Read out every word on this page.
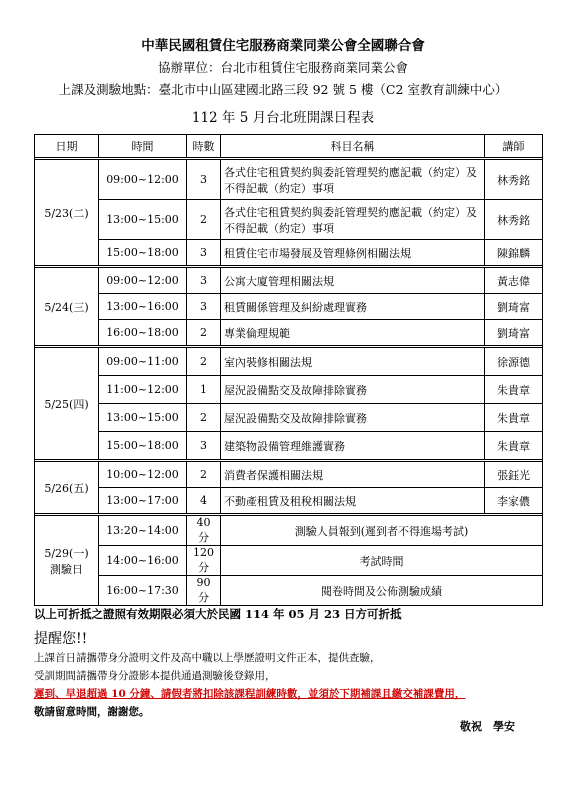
中華民國租賃住宅服務商業同業公會全國聯合會
協辦單位：台北市租賃住宅服務商業同業公會
上課及測驗地點：臺北市中山區建國北路三段 92 號 5 樓（C2 室教育訓練中心）
112 年 5 月台北班開課日程表
日期	時間	時數	科目名稱	講師

5/23(二)	09:00~12:00	3	各式住宅租賃契約與委託管理契約應記載（約定）及不得記載（約定）事項	林秀銘
	13:00~15:00	2	各式住宅租賃契約與委託管理契約應記載（約定）及不得記載（約定）事項	林秀銘
	15:00~18:00	3	租賃住宅市場發展及管理條例相關法規	陳錦麟

5/24(三)	09:00~12:00	3	公寓大廈管理相關法規	黃志偉
	13:00~16:00	3	租賃關係管理及糾紛處理實務	劉琦富
	16:00~18:00	2	專業倫理規範	劉琦富

5/25(四)	09:00~11:00	2	室內裝修相關法規	徐源德
	11:00~12:00	1	屋況設備點交及故障排除實務	朱貴章
	13:00~15:00	2	屋況設備點交及故障排除實務	朱貴章
	15:00~18:00	3	建築物設備管理維護實務	朱貴章

5/26(五)	10:00~12:00	2	消費者保護相關法規	張鈺光
	13:00~17:00	4	不動產租賃及租稅相關法規	李家儂

5/29(一)
測驗日	13:20~14:00	40 分	測驗人員報到(遲到者不得進場考試)	
	14:00~16:00	120 分	考試時間	
	16:00~17:30	90 分	閱卷時間及公佈測驗成績	
以上可折抵之證照有效期限必須大於民國 114 年 05 月 23 日方可折抵
提醒您!!
上課首日請攜帶身分證明文件及高中職以上學歷證明文件正本，提供查驗，
受訓期間請攜帶身分證影本提供通過測驗後登錄用，
遲到、早退超過 10 分鐘、請假者將扣除該課程訓練時數，並須於下期補課且繳交補課費用，
敬請留意時間，謝謝您。
敬祝　學安
